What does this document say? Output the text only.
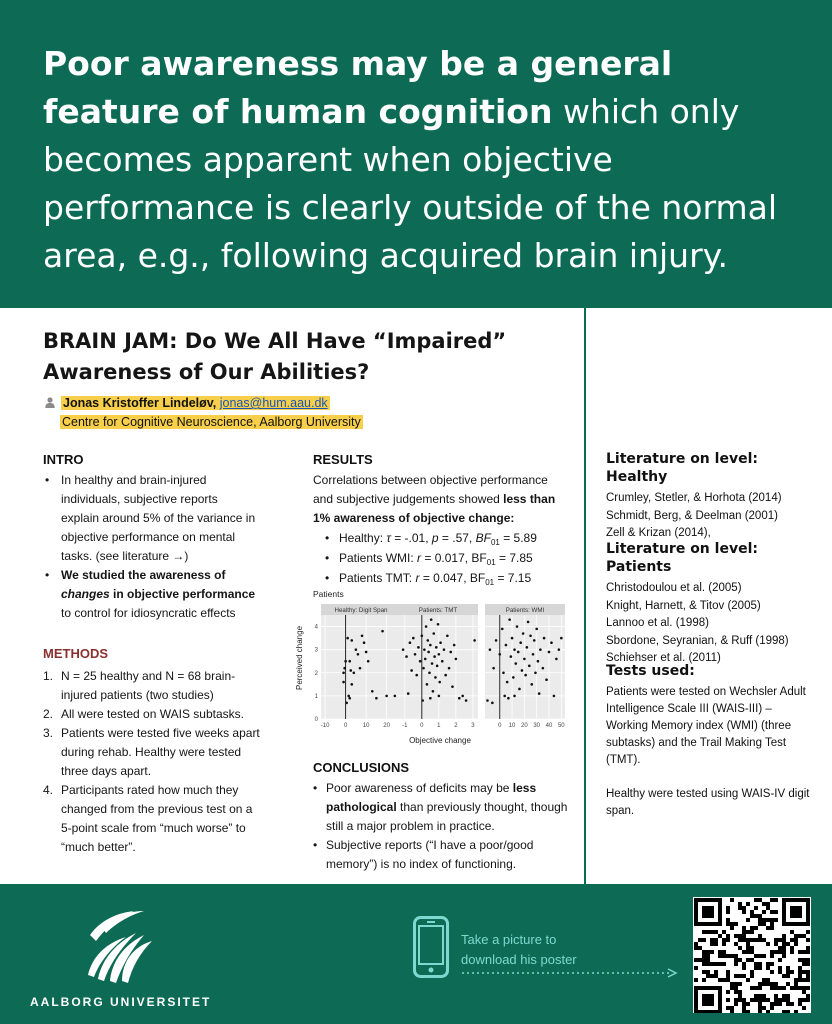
Poor awareness may be a general feature of human cognition which only becomes apparent when objective performance is clearly outside of the normal area, e.g., following acquired brain injury.
BRAIN JAM: Do We All Have “Impaired” Awareness of Our Abilities?
Jonas Kristoffer Lindeløv, jonas@hum.aau.dk
Centre for Cognitive Neuroscience, Aalborg University
INTRO
• In healthy and brain-injured individuals, subjective reports explain around 5% of the variance in objective performance on mental tasks. (see literature →)
• We studied the awareness of changes in objective performance to control for idiosyncratic effects
METHODS
1. N = 25 healthy and N = 68 brain-injured patients (two studies)
2. All were tested on WAIS subtasks.
3. Patients were tested five weeks apart during rehab. Healthy were tested three days apart.
4. Participants rated how much they changed from the previous test on a 5-point scale from “much worse” to “much better”.
RESULTS
Correlations between objective performance and subjective judgements showed less than 1% awareness of objective change:
• Healthy: τ = -.01, p = .57, $BF_{01} = 5.89$
• Patients WMI: r = 0.017, $BF_{01} = 7.85$
• Patients TMT: r = 0.047, $BF_{01} = 7.15$
Patients
Objective change
Perceived change
Healthy: Digit Span
0
1
2
3
4
-10 0	10 20
Patients: TMT
-1 0 1 2 3
Patients: WMI
0 10 20 30 40 50
CONCLUSIONS
• Poor awareness of deficits may be less pathological than previously thought, though still a major problem in practice.
• Subjective reports (“I have a poor/good memory”) is no index of functioning.
Literature on level: Healthy
Crumley, Stetler, & Horhota (2014)
Schmidt, Berg, & Deelman (2001)
Zell & Krizan (2014),
Literature on level: Patients
Christodoulou et al. (2005)
Knight, Harnett, & Titov (2005)
Lannoo et al. (1998)
Sbordone, Seyranian, & Ruff (1998)
Schiehser et al. (2011)
Tests used:
Patients were tested on Wechsler Adult Intelligence Scale III (WAIS-III) – Working Memory index (WMI) (three subtasks) and the Trail Making Test (TMT).
Healthy were tested using WAIS-IV digit span.
AALBORG UNIVERSITET
Take a picture to
download his poster
